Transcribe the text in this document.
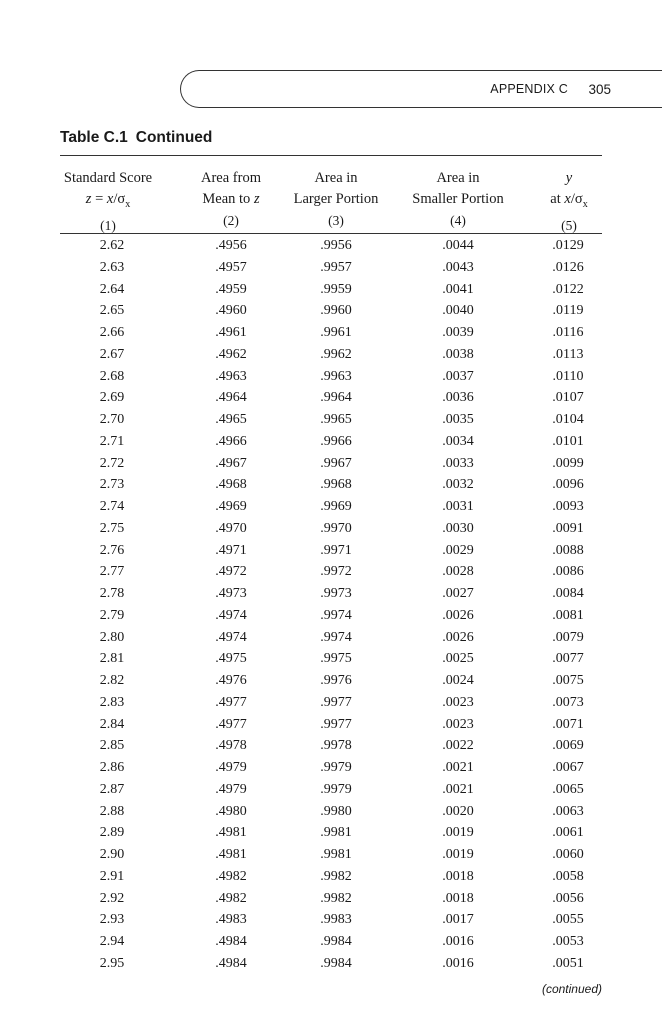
APPENDIX C 305
Table C.1 Continued
Standard Score
$z = x/\sigma_x$
(1)
Area from
Mean to z
(2)
Area in
Larger Portion
(3)
Area in
Smaller Portion
(4)
y
at $x/\sigma_x$
(5)
2.62	.4956	.9956	.0044	.0129
2.63	.4957	.9957	.0043	.0126
2.64	.4959	.9959	.0041	.0122
2.65	.4960	.9960	.0040	.0119
2.66	.4961	.9961	.0039	.0116
2.67	.4962	.9962	.0038	.0113
2.68	.4963	.9963	.0037	.0110
2.69	.4964	.9964	.0036	.0107
2.70	.4965	.9965	.0035	.0104
2.71	.4966	.9966	.0034	.0101
2.72	.4967	.9967	.0033	.0099
2.73	.4968	.9968	.0032	.0096
2.74	.4969	.9969	.0031	.0093
2.75	.4970	.9970	.0030	.0091
2.76	.4971	.9971	.0029	.0088
2.77	.4972	.9972	.0028	.0086
2.78	.4973	.9973	.0027	.0084
2.79	.4974	.9974	.0026	.0081
2.80	.4974	.9974	.0026	.0079
2.81	.4975	.9975	.0025	.0077
2.82	.4976	.9976	.0024	.0075
2.83	.4977	.9977	.0023	.0073
2.84	.4977	.9977	.0023	.0071
2.85	.4978	.9978	.0022	.0069
2.86	.4979	.9979	.0021	.0067
2.87	.4979	.9979	.0021	.0065
2.88	.4980	.9980	.0020	.0063
2.89	.4981	.9981	.0019	.0061
2.90	.4981	.9981	.0019	.0060
2.91	.4982	.9982	.0018	.0058
2.92	.4982	.9982	.0018	.0056
2.93	.4983	.9983	.0017	.0055
2.94	.4984	.9984	.0016	.0053
2.95	.4984	.9984	.0016	.0051
(continued)
